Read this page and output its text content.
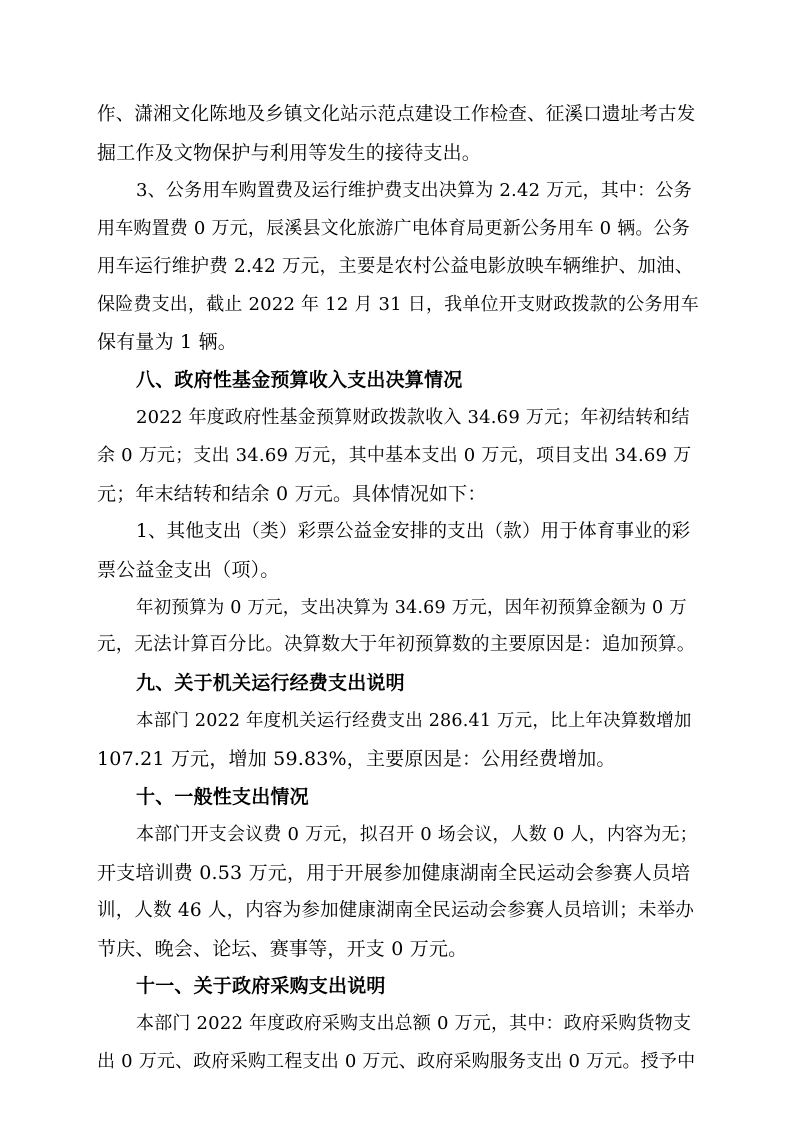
作、潇湘文化陈地及乡镇文化站示范点建设工作检查、征溪口遗址考古发
掘工作及文物保护与利用等发生的接待支出。
3、公务用车购置费及运行维护费支出决算为 2.42 万元，其中：公务
用车购置费 0 万元，辰溪县文化旅游广电体育局更新公务用车 0 辆。公务
用车运行维护费 2.42 万元，主要是农村公益电影放映车辆维护、加油、
保险费支出，截止 2022 年 12 月 31 日，我单位开支财政拨款的公务用车
保有量为 1 辆。
八、政府性基金预算收入支出决算情况
2022 年度政府性基金预算财政拨款收入 34.69 万元；年初结转和结
余 0 万元；支出 34.69 万元，其中基本支出 0 万元，项目支出 34.69 万
元；年末结转和结余 0 万元。具体情况如下：
1、其他支出（类）彩票公益金安排的支出（款）用于体育事业的彩
票公益金支出（项）。
年初预算为 0 万元，支出决算为 34.69 万元，因年初预算金额为 0 万
元，无法计算百分比。决算数大于年初预算数的主要原因是：追加预算。
九、关于机关运行经费支出说明
本部门 2022 年度机关运行经费支出 286.41 万元，比上年决算数增加
107.21 万元，增加 59.83%，主要原因是：公用经费增加。
十、一般性支出情况
本部门开支会议费 0 万元，拟召开 0 场会议，人数 0 人，内容为无；
开支培训费 0.53 万元，用于开展参加健康湖南全民运动会参赛人员培
训，人数 46 人，内容为参加健康湖南全民运动会参赛人员培训；未举办
节庆、晚会、论坛、赛事等，开支 0 万元。
十一、关于政府采购支出说明
本部门 2022 年度政府采购支出总额 0 万元，其中：政府采购货物支
出 0 万元、政府采购工程支出 0 万元、政府采购服务支出 0 万元。授予中
